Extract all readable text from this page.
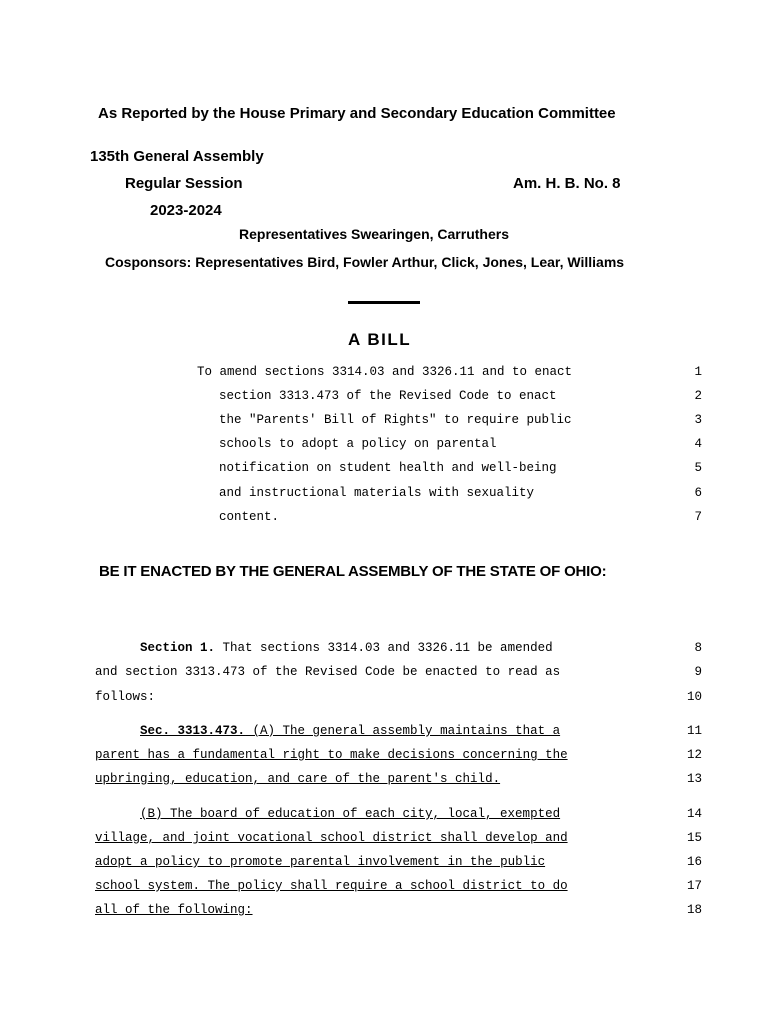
As Reported by the House Primary and Secondary Education Committee
135th General Assembly
Regular Session	Am. H. B. No. 8
2023-2024
Representatives Swearingen, Carruthers
Cosponsors: Representatives Bird, Fowler Arthur, Click, Jones, Lear, Williams
A BILL
To amend sections 3314.03 and 3326.11 and to enact	1
section 3313.473 of the Revised Code to enact	2
the "Parents' Bill of Rights" to require public	3
schools to adopt a policy on parental	4
notification on student health and well-being	5
and instructional materials with sexuality	6
content.	7
BE IT ENACTED BY THE GENERAL ASSEMBLY OF THE STATE OF OHIO:
Section 1. That sections 3314.03 and 3326.11 be amended	8
and section 3313.473 of the Revised Code be enacted to read as	9
follows:	10
Sec. 3313.473. (A) The general assembly maintains that a	11
parent has a fundamental right to make decisions concerning the	12
upbringing, education, and care of the parent's child.	13
(B) The board of education of each city, local, exempted	14
village, and joint vocational school district shall develop and	15
adopt a policy to promote parental involvement in the public	16
school system. The policy shall require a school district to do	17
all of the following:	18
